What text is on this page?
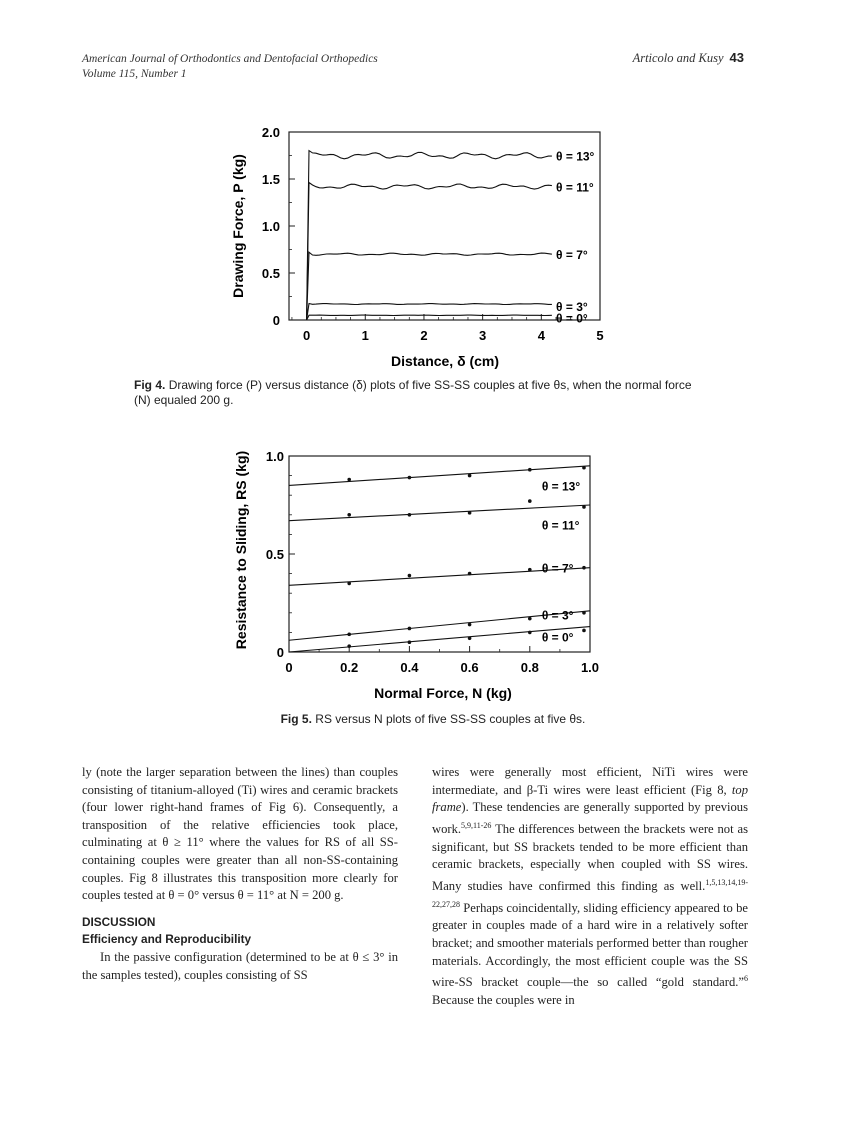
American Journal of Orthodontics and Dentofacial Orthopedics
Volume 115, Number 1
Articolo and Kusy 43
0	1	2	3	4	5
0
0.5
1.0
1.5
2.0
Distance, δ (cm)
Drawing Force, P (kg)	θ = 13°
θ = 11°
θ = 7°
θ = 3°
θ = 0°
Fig 4. Drawing force (P) versus distance (δ) plots of five SS-SS couples at five θs, when the normal force (N) equaled 200 g.
0	0.2	0.4	0.6	0.8	1.0
0
0.5
1.0
Normal Force, N (kg)
Resistance to Sliding, RS (kg)	θ = 13°
θ = 11°
θ = 7°
θ = 3°
θ = 0°
Fig 5. RS versus N plots of five SS-SS couples at five θs.

ly (note the larger separation between the lines) than couples consisting of titanium-alloyed (Ti) wires and ceramic brackets (four lower right-hand frames of Fig 6). Consequently, a transposition of the relative efficiencies took place, culminating at θ ≥ 11° where the values for RS of all SS-containing couples were greater than all non-SS-containing couples. Fig 8 illustrates this transposition more clearly for couples tested at θ = 0° versus θ = 11° at N = 200 g.

DISCUSSION
Efficiency and Reproducibility

In the passive configuration (determined to be at θ ≤ 3° in the samples tested), couples consisting of SS

wires were generally most efficient, NiTi wires were intermediate, and β-Ti wires were least efficient (Fig 8, top frame). These tendencies are generally supported by previous work.$^{5,9,11-26}$ The differences between the brackets were not as significant, but SS brackets tended to be more efficient than ceramic brackets, especially when coupled with SS wires. Many studies have confirmed this finding as well.$^{1,5,13,14,19-22,27,28}$ Perhaps coincidentally, sliding efficiency appeared to be greater in couples made of a hard wire in a relatively softer bracket; and smoother materials performed better than rougher materials. Accordingly, the most efficient couple was the SS wire-SS bracket couple—the so called “gold standard.”$^6$ Because the couples were in
